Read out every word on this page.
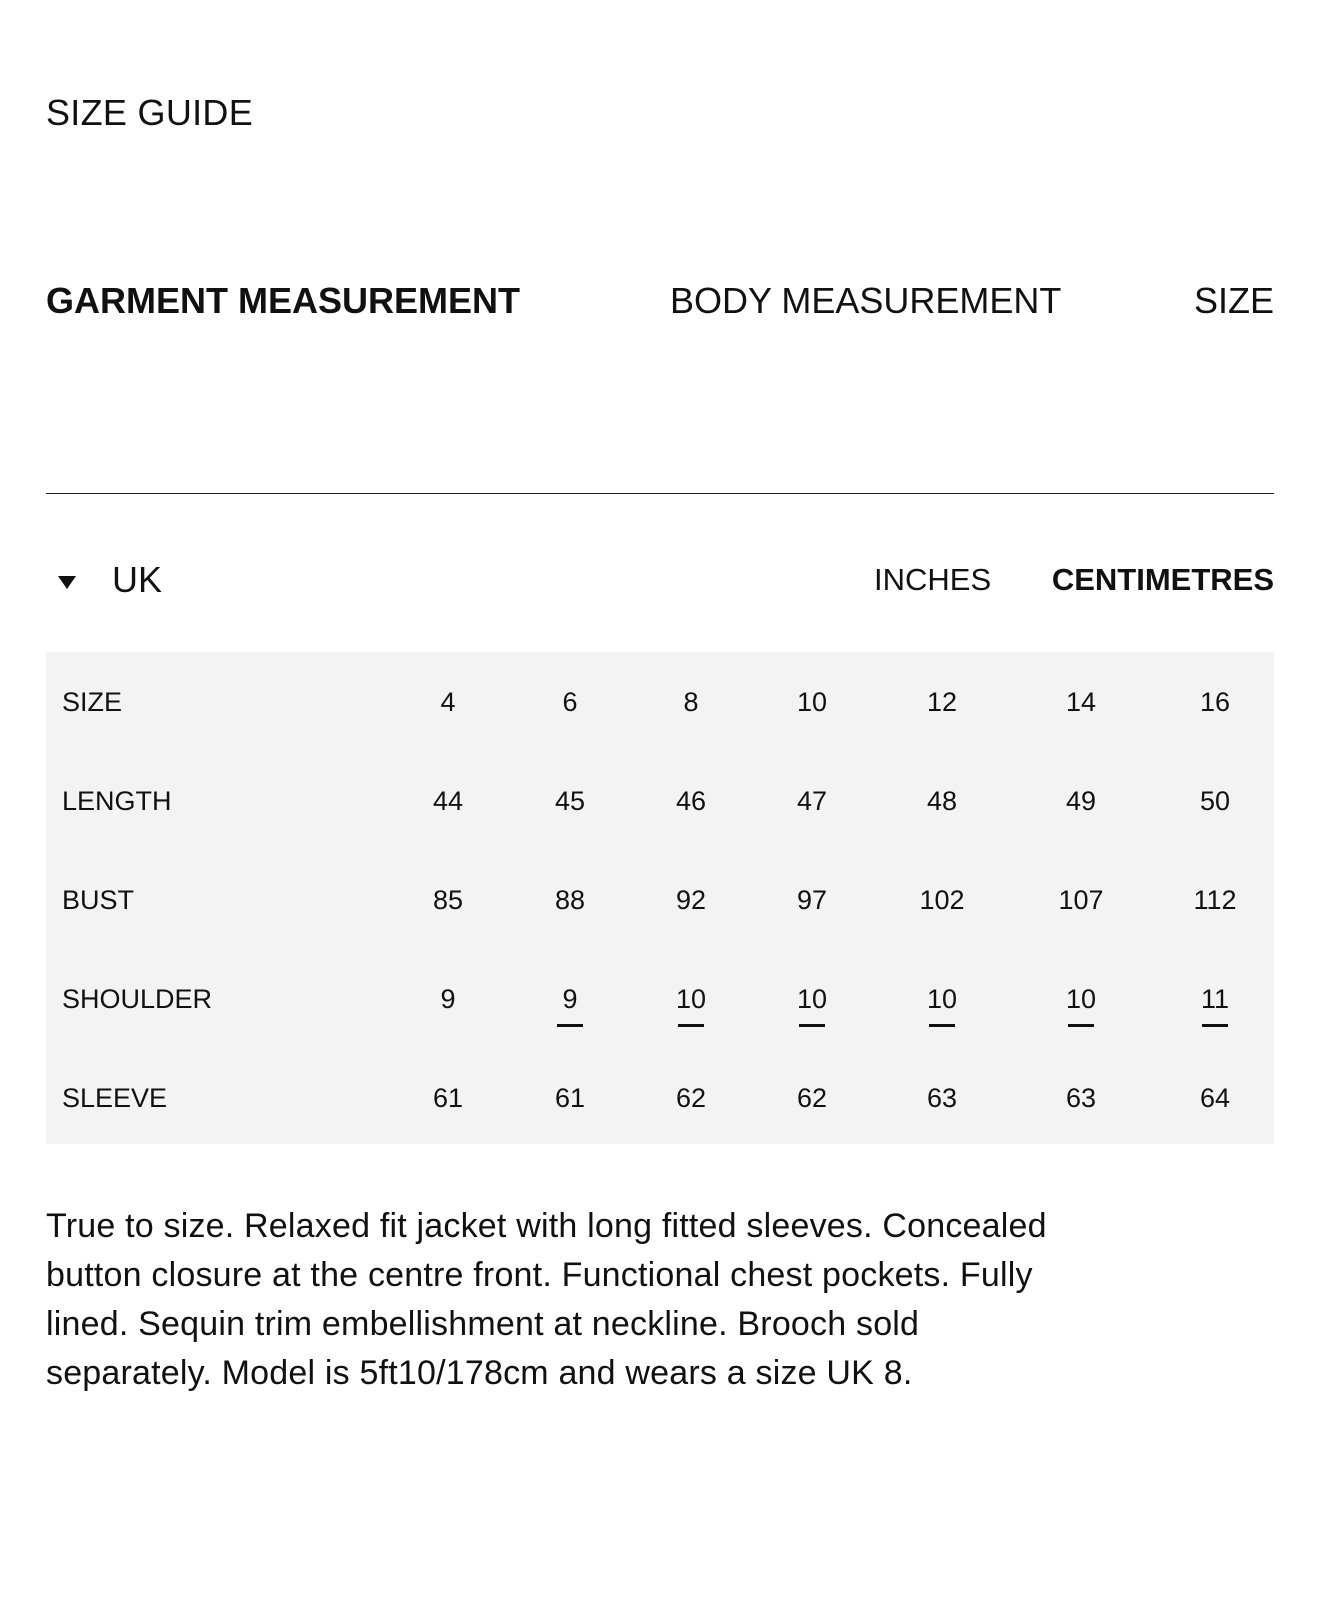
SIZE GUIDE
GARMENT MEASUREMENT	BODY MEASUREMENT	SIZE
UK	INCHES CENTIMETRES
SIZE	4	6	8	10	12	14	16
LENGTH	44	45	46	47	48	49	50
BUST	85	88	92	97	102	107	112
SHOULDER	9	9	10	10	10	10	11
SLEEVE	61	61	62	62	63	63	64
True to size. Relaxed fit jacket with long fitted sleeves. Concealed button closure at the centre front. Functional chest pockets. Fully lined. Sequin trim embellishment at neckline. Brooch sold separately. Model is 5ft10/178cm and wears a size UK 8.
